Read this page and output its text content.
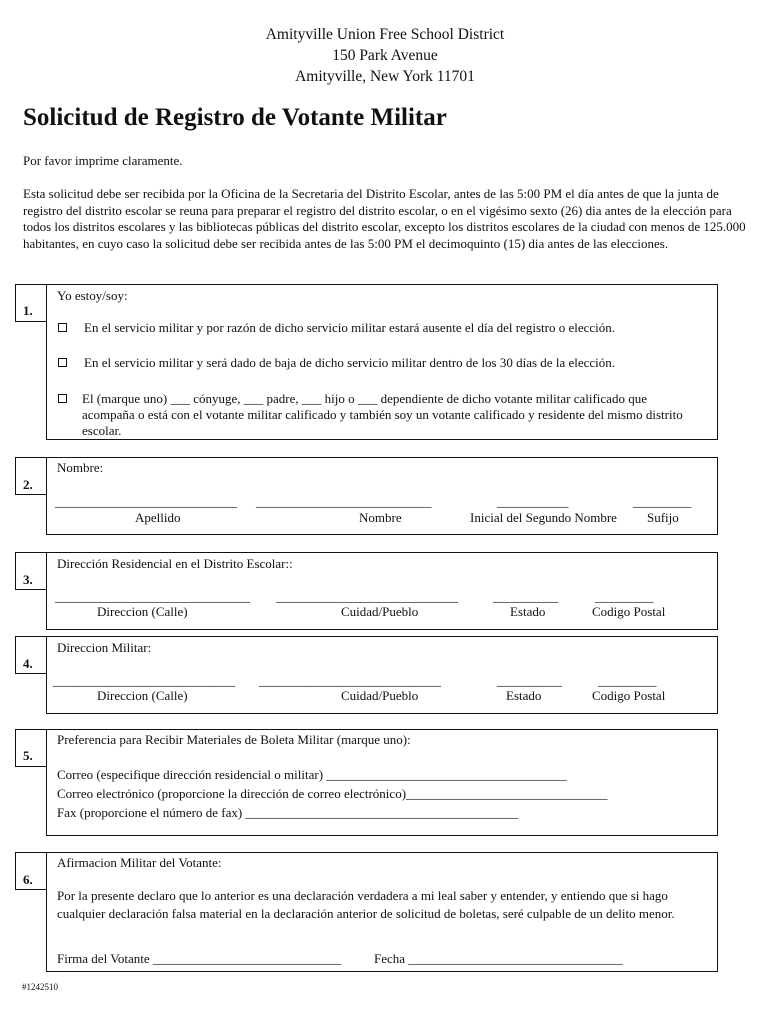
Amityville Union Free School District
150 Park Avenue
Amityville, New York 11701
Solicitud de Registro de Votante Militar

Por favor imprime claramente.

Esta solicitud debe ser recibida por la Oficina de la Secretaria del Distrito Escolar, antes de las 5:00 PM el día antes de que la junta de registro del distrito escolar se reuna para preparar el registro del distrito escolar, o en el vigésimo sexto (26) dia antes de la elección para todos los distritos escolares y las bibliotecas públicas del distrito escolar, excepto los distritos escolares de la ciudad con menos de 125.000 habitantes, en cuyo caso la solicitud debe ser recibida antes de las 5:00 PM el decimoquinto (15) dia antes de las elecciones.

1.
Yo estoy/soy:
En el servicio militar y por razón de dicho servicio militar estará ausente el día del registro o elección.
En el servicio militar y será dado de baja de dicho servicio militar dentro de los 30 días de la elección.
El (marque uno) ___ cónyuge, ___ padre, ___ hijo o ___ dependiente de dicho votante militar calificado que acompaña o está con el votante militar calificado y también soy un votante calificado y residente del mismo distrito escolar.
2.
Nombre:
____________________________ ___________________________	___________	_________
Apellido	Nombre	Inicial del Segundo Nombre Sufijo
3.
Dirección Residencial en el Distrito Escolar::
______________________________ ____________________________	__________	_________
Direccion (Calle)	Cuidad/Pueblo	Estado	Codigo Postal
4.
Direccion Militar:
____________________________ ____________________________	__________	_________
Direccion (Calle)	Cuidad/Pueblo	Estado	Codigo Postal
5.
Preferencia para Recibir Materiales de Boleta Militar (marque uno):
Correo (especifique dirección residencial o militar) _____________________________________
Correo electrónico (proporcione la dirección de correo electrónico)_______________________________
Fax (proporcione el número de fax) __________________________________________
6.
Afirmacion Militar del Votante:
Por la presente declaro que lo anterior es una declaración verdadera a mi leal saber y entender, y entiendo que si hago cualquier declaración falsa material en la declaración anterior de solicitud de boletas, seré culpable de un delito menor.
Firma del Votante _____________________________	Fecha _________________________________
#1242510
